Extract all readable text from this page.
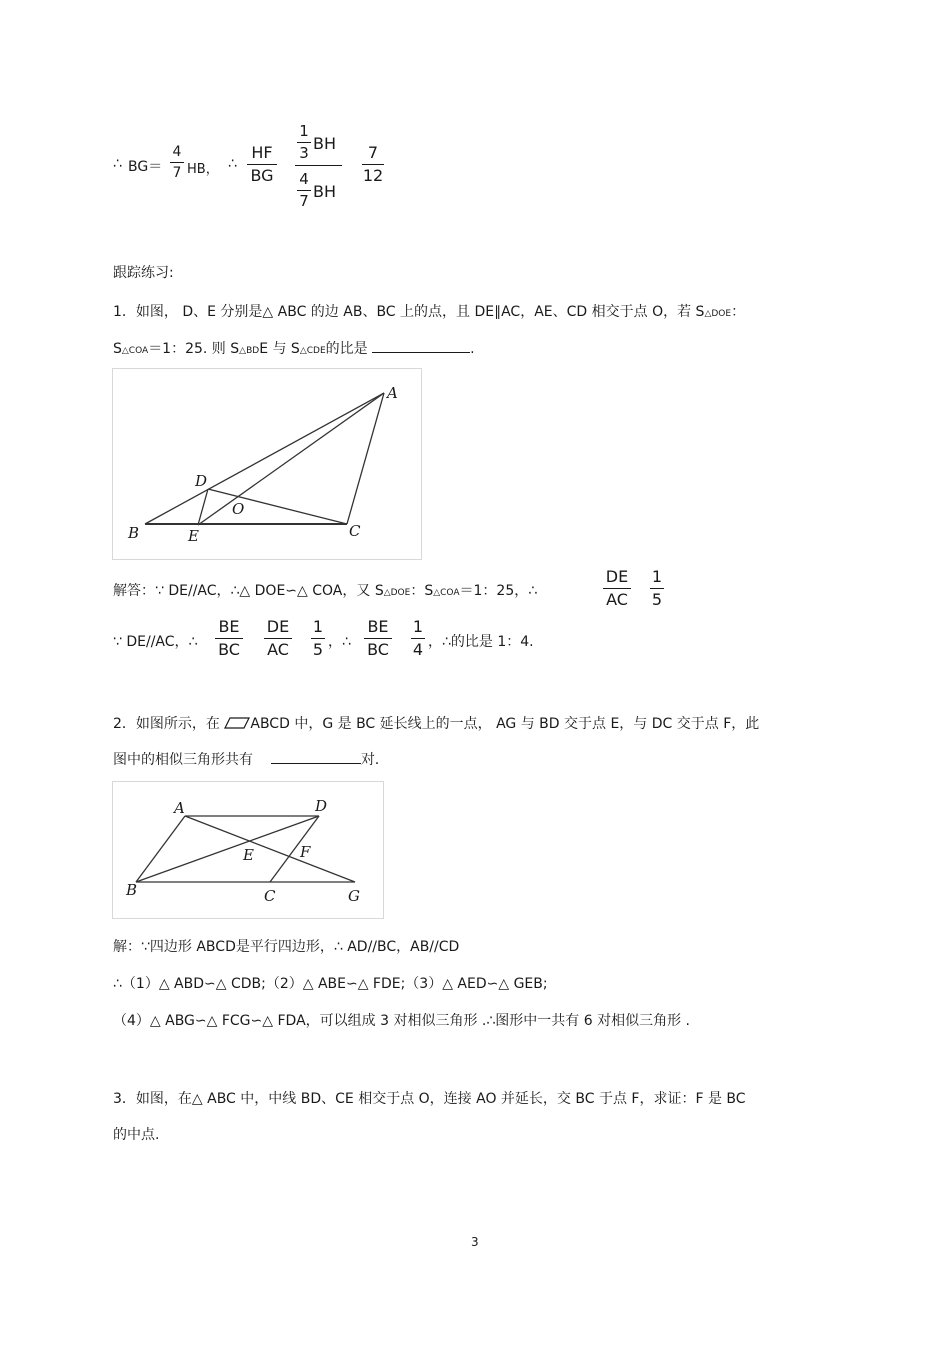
∴ BG＝
4
7 HB， ∴
HF
BG
1
3 BH
4
7 BH
7
12
跟踪练习:
1．如图， D、E 分别是△ ABC 的边 AB、BC 上的点，且 DE∥AC，AE、CD 相交于点 O，若 S△DOE：
S△COA＝1：25. 则 S△BDE 与 S△CDE的比是	.
A
B	C
D
E
O
解答：∵ DE//AC，∴△ DOE∽△ COA，又 S△DOE：S△COA＝1：25，∴
DE
AC
1
5
∵ DE//AC，∴
BE
BC
DE
AC
1
5 ，∴
BE
BC
1
4 ，∴的比是 1：4.
2．如图所示，在 ABCD 中，G 是 BC 延长线上的一点， AG 与 BD 交于点 E，与 DC 交于点 F，此
图中的相似三角形共有	对.
A	D
B	C	G
E	F
解：∵四边形 ABCD是平行四边形，∴ AD//BC，AB//CD
∴（1）△ ABD∽△ CDB;（2）△ ABE∽△ FDE;（3）△ AED∽△ GEB;
（4）△ ABG∽△ FCG∽△ FDA，可以组成 3 对相似三角形 .∴图形中一共有 6 对相似三角形 .
3．如图，在△ ABC 中，中线 BD、CE 相交于点 O，连接 AO 并延长，交 BC 于点 F，求证：F 是 BC
的中点.
3
